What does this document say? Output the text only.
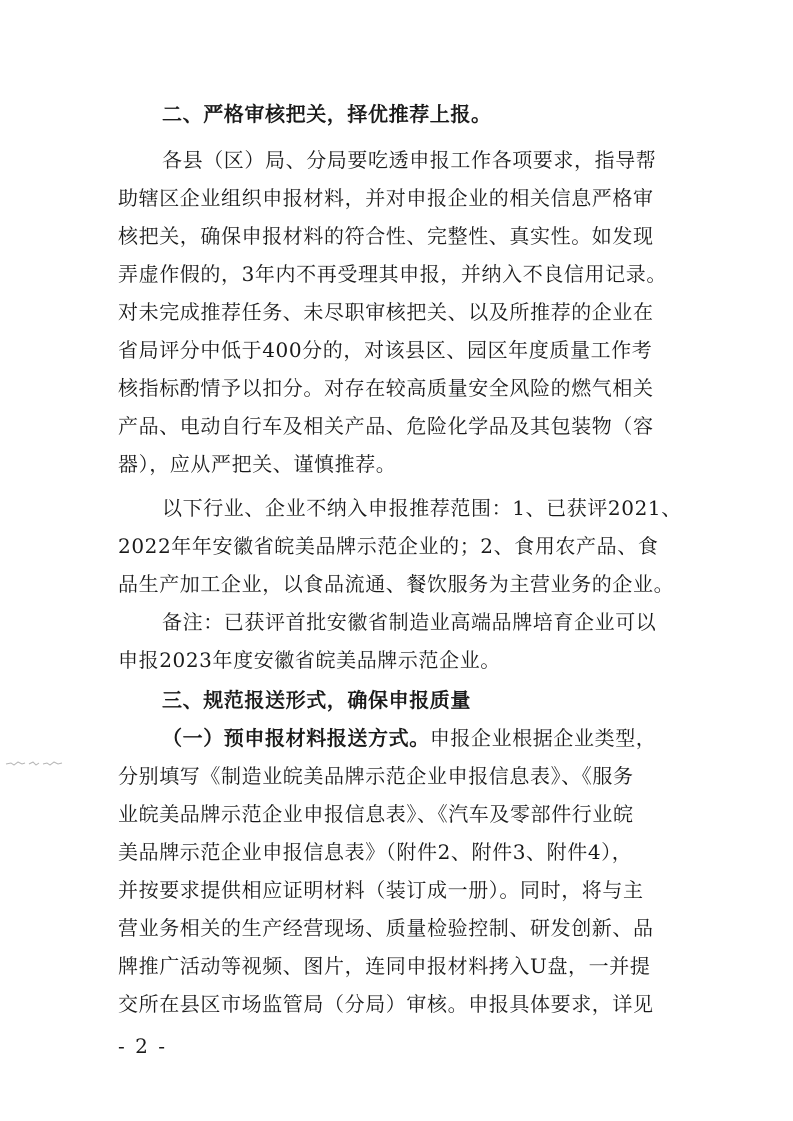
二、严格审核把关，择优推荐上报。
各县（区）局、分局要吃透申报工作各项要求，指导帮
助辖区企业组织申报材料，并对申报企业的相关信息严格审
核把关，确保申报材料的符合性、完整性、真实性。如发现
弄虚作假的，3年内不再受理其申报，并纳入不良信用记录。
对未完成推荐任务、未尽职审核把关、以及所推荐的企业在
省局评分中低于400分的，对该县区、园区年度质量工作考
核指标酌情予以扣分。对存在较高质量安全风险的燃气相关
产品、电动自行车及相关产品、危险化学品及其包装物（容
器），应从严把关、谨慎推荐。
以下行业、企业不纳入申报推荐范围：1、已获评2021、
2022年年安徽省皖美品牌示范企业的；2、食用农产品、食
品生产加工企业，以食品流通、餐饮服务为主营业务的企业。
备注：已获评首批安徽省制造业高端品牌培育企业可以
申报2023年度安徽省皖美品牌示范企业。
三、规范报送形式，确保申报质量
（一）预申报材料报送方式。申报企业根据企业类型，
分别填写《制造业皖美品牌示范企业申报信息表》、《服务
业皖美品牌示范企业申报信息表》、《汽车及零部件行业皖
美品牌示范企业申报信息表》（附件2、附件3、附件4），
并按要求提供相应证明材料（装订成一册）。同时，将与主
营业务相关的生产经营现场、质量检验控制、研发创新、品
牌推广活动等视频、图片，连同申报材料拷入U盘，一并提
交所在县区市场监管局（分局）审核。申报具体要求，详见
- 2 -
